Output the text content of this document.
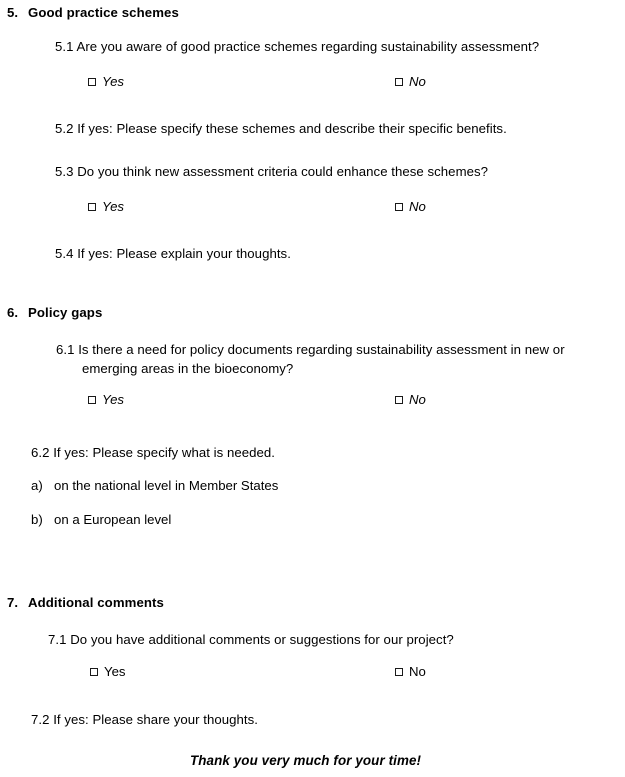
5. Good practice schemes
5.1 Are you aware of good practice schemes regarding sustainability assessment?
Yes	No
5.2 If yes: Please specify these schemes and describe their specific benefits.
5.3 Do you think new assessment criteria could enhance these schemes?
Yes	No
5.4 If yes: Please explain your thoughts.
6. Policy gaps
6.1 Is there a need for policy documents regarding sustainability assessment in new or
emerging areas in the bioeconomy?
Yes	No
6.2 If yes: Please specify what is needed.
a) on the national level in Member States
b) on a European level
7. Additional comments
7.1 Do you have additional comments or suggestions for our project?
Yes	No
7.2 If yes: Please share your thoughts.
Thank you very much for your time!
